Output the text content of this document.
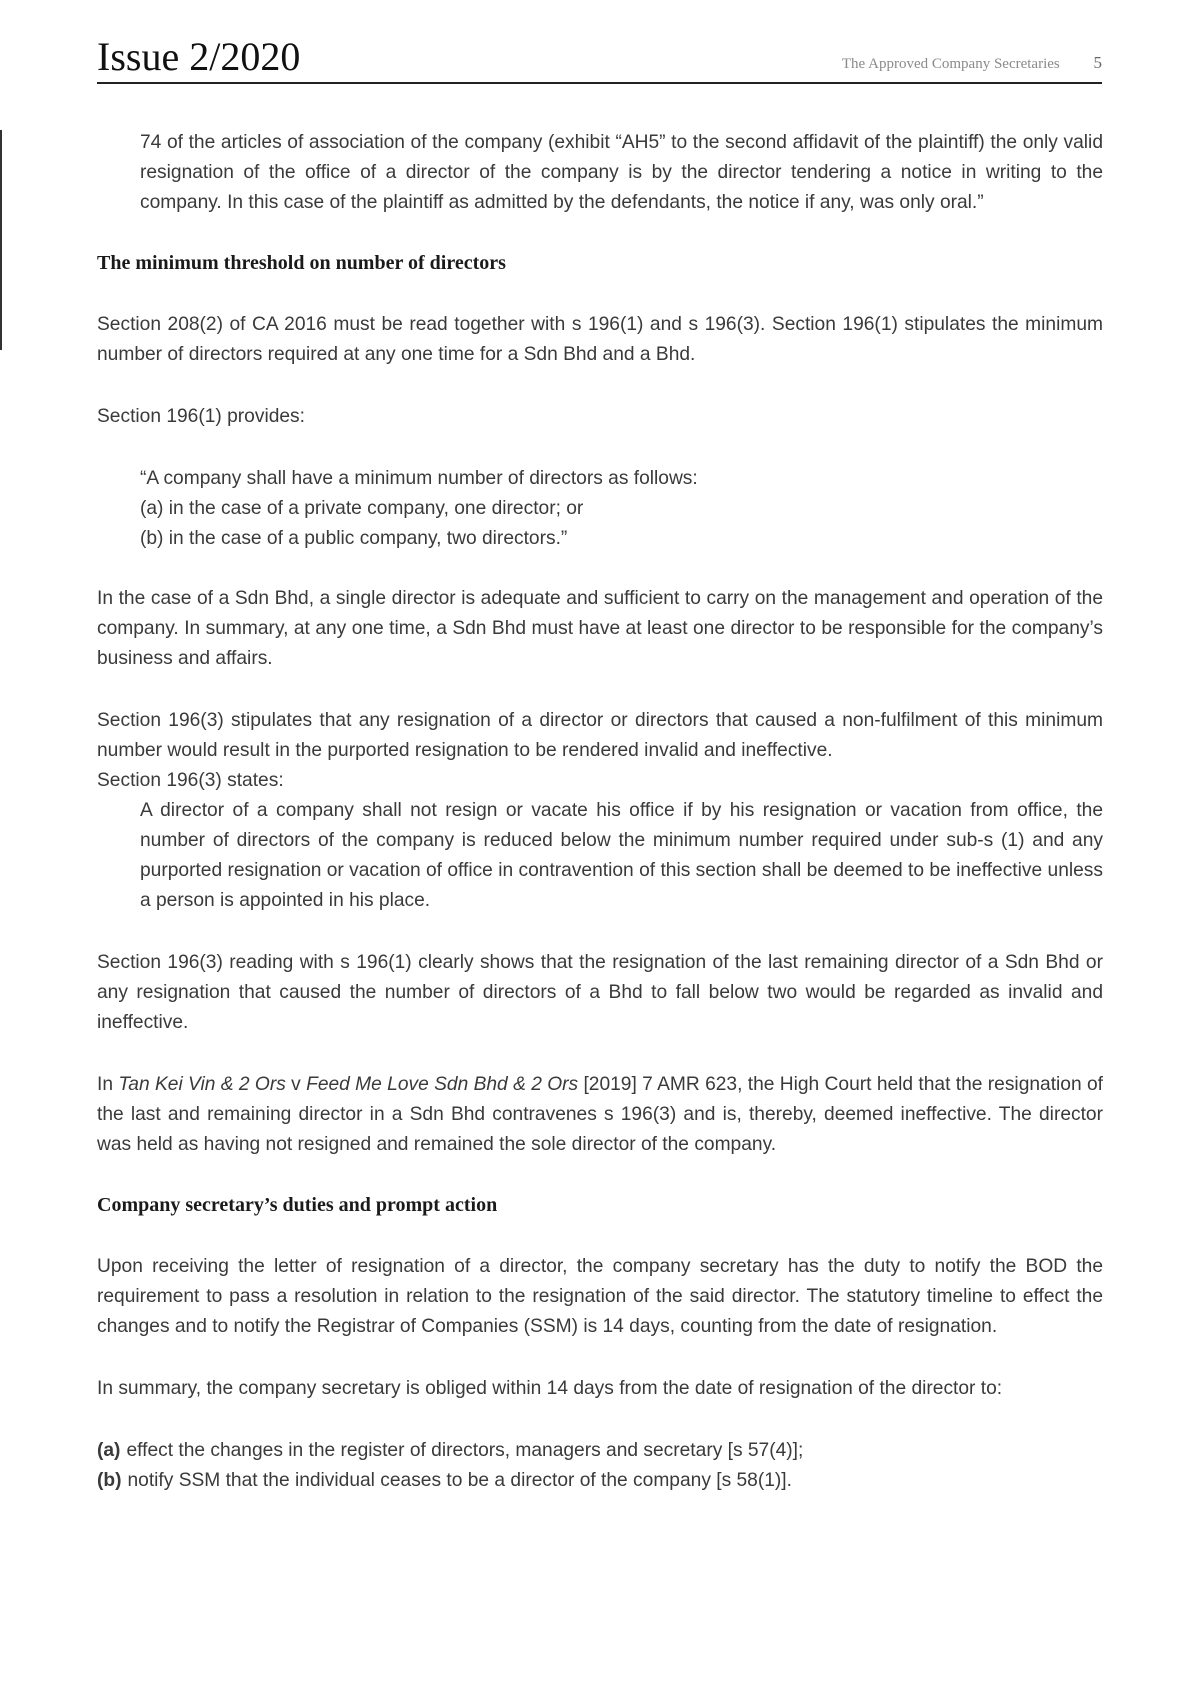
Issue 2/2020	The Approved Company Secretaries 5

74 of the articles of association of the company (exhibit “AH5” to the second affidavit of the plaintiff) the only valid resignation of the office of a director of the company is by the director tendering a notice in writing to the company. In this case of the plaintiff as admitted by the defendants, the notice if any, was only oral.”

The minimum threshold on number of directors

Section 208(2) of CA 2016 must be read together with s 196(1) and s 196(3). Section 196(1) stipulates the minimum number of directors required at any one time for a Sdn Bhd and a Bhd.

Section 196(1) provides:

“A company shall have a minimum number of directors as follows:

(a) in the case of a private company, one director; or

(b) in the case of a public company, two directors.”

In the case of a Sdn Bhd, a single director is adequate and sufficient to carry on the management and operation of the company. In summary, at any one time, a Sdn Bhd must have at least one director to be responsible for the company’s business and affairs.

Section 196(3) stipulates that any resignation of a director or directors that caused a non-fulfilment of this minimum number would result in the purported resignation to be rendered invalid and ineffective.

Section 196(3) states:

A director of a company shall not resign or vacate his office if by his resignation or vacation from office, the number of directors of the company is reduced below the minimum number required under sub-s (1) and any purported resignation or vacation of office in contravention of this section shall be deemed to be ineffective unless a person is appointed in his place.

Section 196(3) reading with s 196(1) clearly shows that the resignation of the last remaining director of a Sdn Bhd or any resignation that caused the number of directors of a Bhd to fall below two would be regarded as invalid and ineffective.

In Tan Kei Vin & 2 Ors v Feed Me Love Sdn Bhd & 2 Ors [2019] 7 AMR 623, the High Court held that the resignation of the last and remaining director in a Sdn Bhd contravenes s 196(3) and is, thereby, deemed ineffective. The director was held as having not resigned and remained the sole director of the company.

Company secretary’s duties and prompt action

Upon receiving the letter of resignation of a director, the company secretary has the duty to notify the BOD the requirement to pass a resolution in relation to the resignation of the said director. The statutory timeline to effect the changes and to notify the Registrar of Companies (SSM) is 14 days, counting from the date of resignation.

In summary, the company secretary is obliged within 14 days from the date of resignation of the director to:

(a) effect the changes in the register of directors, managers and secretary [s 57(4)];

(b) notify SSM that the individual ceases to be a director of the company [s 58(1)].
